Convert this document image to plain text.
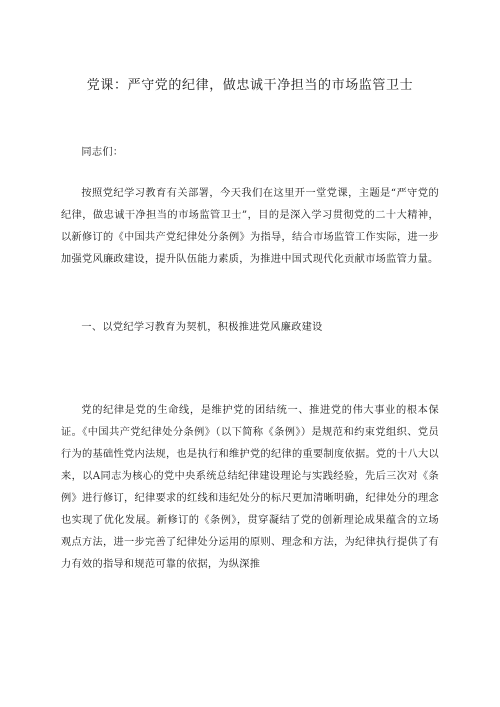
党课：严守党的纪律，做忠诚干净担当的市场监管卫士
同志们：
按照党纪学习教育有关部署，今天我们在这里开一堂党课，主题是“严守党的纪律，做忠诚干净担当的市场监管卫士”，目的是深入学习贯彻党的二十大精神，以新修订的《中国共产党纪律处分条例》为指导，结合市场监管工作实际，进一步加强党风廉政建设，提升队伍能力素质，为推进中国式现代化贡献市场监管力量。
一、以党纪学习教育为契机，积极推进党风廉政建设
党的纪律是党的生命线，是维护党的团结统一、推进党的伟大事业的根本保证。《中国共产党纪律处分条例》（以下简称《条例》）是规范和约束党组织、党员行为的基础性党内法规，也是执行和维护党的纪律的重要制度依据。党的十八大以来，以A同志为核心的党中央系统总结纪律建设理论与实践经验，先后三次对《条例》进行修订，纪律要求的红线和违纪处分的标尺更加清晰明确，纪律处分的理念也实现了优化发展。新修订的《条例》，贯穿凝结了党的创新理论成果蕴含的立场观点方法，进一步完善了纪律处分运用的原则、理念和方法，为纪律执行提供了有力有效的指导和规范可靠的依据，为纵深推
